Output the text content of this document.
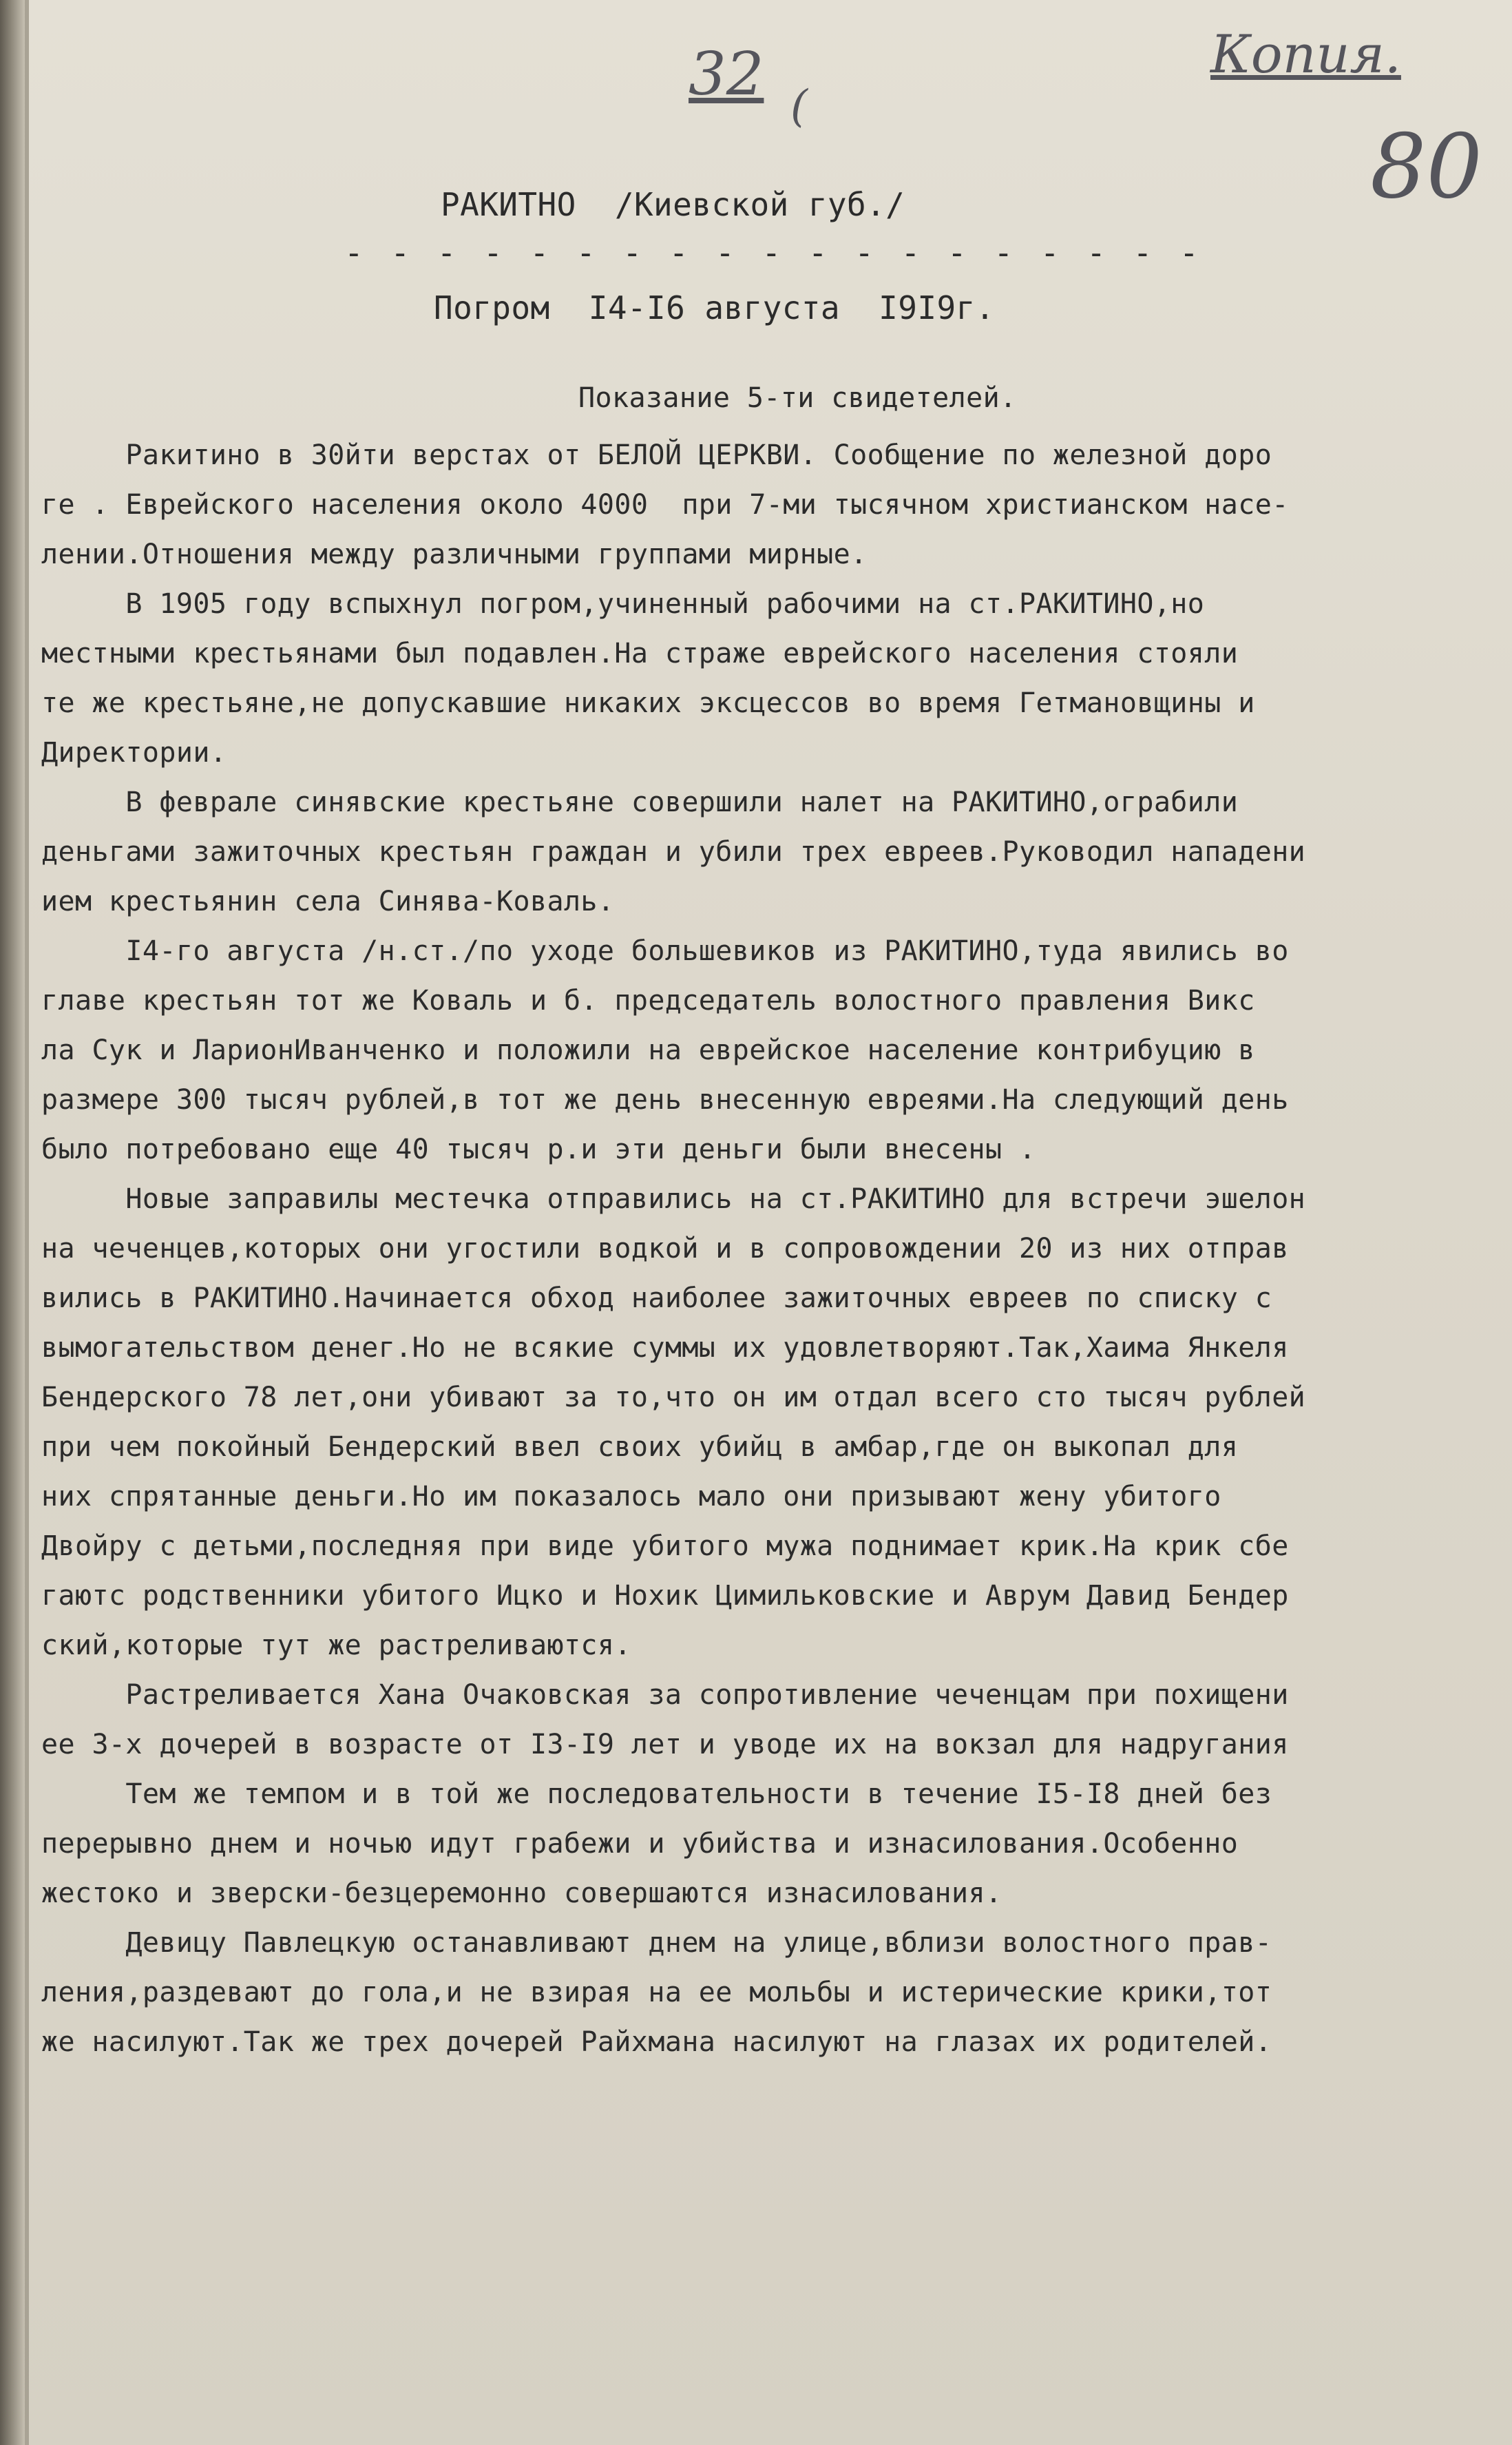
32 (
Копия.
80
РАКИТНО  /Киевской губ./
- - - - - - - - - - - - - - - - - - -
Погром  I4-I6 августа  I9I9г.
Показание 5-ти свидетелей.
Ракитино в 30йти верстах от БЕЛОЙ ЦЕРКВИ. Сообщение по железной доро
ге . Еврейского населения около 4000  при 7-ми тысячном христианском насе-
лении.Отношения между различными группами мирные.
В 1905 году вспыхнул погром,учиненный рабочими на ст.РАКИТИНО,но
местными крестьянами был подавлен.На страже еврейского населения стояли
те же крестьяне,не допускавшие никаких эксцессов во время Гетмановщины и
Директории.
В феврале синявские крестьяне совершили налет на РАКИТИНО,ограбили
деньгами зажиточных крестьян граждан и убили трех евреев.Руководил нападени
ием крестьянин села Синява-Коваль.
I4-го августа /н.ст./по уходе большевиков из РАКИТИНО,туда явились во
главе крестьян тот же Коваль и б. председатель волостного правления Викс
ла Сук и ЛарионИванченко и положили на еврейское население контрибуцию в
размере 300 тысяч рублей,в тот же день внесенную евреями.На следующий день
было потребовано еще 40 тысяч р.и эти деньги были внесены .
Новые заправилы местечка отправились на ст.РАКИТИНО для встречи эшелон
на чеченцев,которых они угостили водкой и в сопровождении 20 из них отправ
вились в РАКИТИНО.Начинается обход наиболее зажиточных евреев по списку с
вымогательством денег.Но не всякие суммы их удовлетворяют.Так,Хаима Янкеля
Бендерского 78 лет,они убивают за то,что он им отдал всего сто тысяч рублей
при чем покойный Бендерский ввел своих убийц в амбар,где он выкопал для
них спрятанные деньги.Но им показалось мало они призывают жену убитого
Двойру с детьми,последняя при виде убитого мужа поднимает крик.На крик сбе
гаютс родственники убитого Ицко и Нохик Цимильковские и Аврум Давид Бендер
ский,которые тут же растреливаются.
Растреливается Хана Очаковская за сопротивление чеченцам при похищени
ее 3-х дочерей в возрасте от I3-I9 лет и уводе их на вокзал для надругания
Тем же темпом и в той же последовательности в течение I5-I8 дней без
перерывно днем и ночью идут грабежи и убийства и изнасилования.Особенно
жестоко и зверски-безцеремонно совершаются изнасилования.
Девицу Павлецкую останавливают днем на улице,вблизи волостного прав-
ления,раздевают до гола,и не взирая на ее мольбы и истерические крики,тот
же насилуют.Так же трех дочерей Райхмана насилуют на глазах их родителей.
